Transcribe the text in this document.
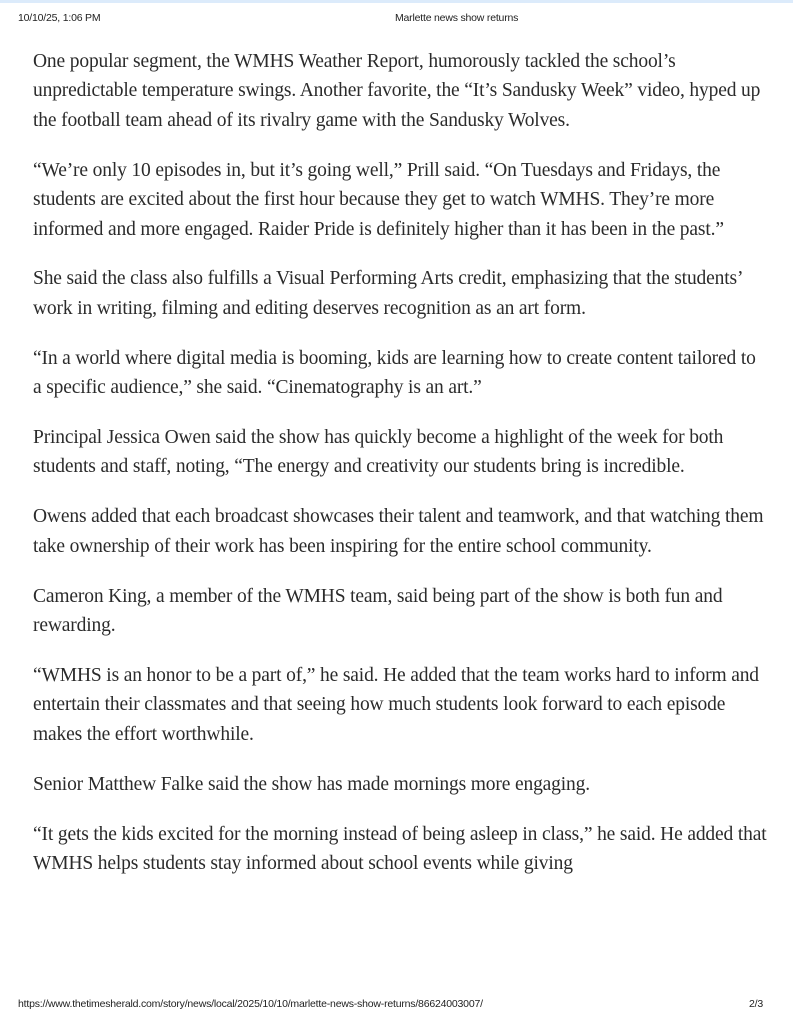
10/10/25, 1:06 PM	Marlette news show returns

One popular segment, the WMHS Weather Report, humorously tackled the school’s unpredictable temperature swings. Another favorite, the “It’s Sandusky Week” video, hyped up the football team ahead of its rivalry game with the Sandusky Wolves.

“We’re only 10 episodes in, but it’s going well,” Prill said. “On Tuesdays and Fridays, the students are excited about the first hour because they get to watch WMHS. They’re more informed and more engaged. Raider Pride is definitely higher than it has been in the past.”

She said the class also fulfills a Visual Performing Arts credit, emphasizing that the students’ work in writing, filming and editing deserves recognition as an art form.

“In a world where digital media is booming, kids are learning how to create content tailored to a specific audience,” she said. “Cinematography is an art.”

Principal Jessica Owen said the show has quickly become a highlight of the week for both students and staff, noting, “The energy and creativity our students bring is incredible.

Owens added that each broadcast showcases their talent and teamwork, and that watching them take ownership of their work has been inspiring for the entire school community.

Cameron King, a member of the WMHS team, said being part of the show is both fun and rewarding.

“WMHS is an honor to be a part of,” he said. He added that the team works hard to inform and entertain their classmates and that seeing how much students look forward to each episode makes the effort worthwhile.

Senior Matthew Falke said the show has made mornings more engaging.

“It gets the kids excited for the morning instead of being asleep in class,” he said. He added that WMHS helps students stay informed about school events while giving

https://www.thetimesherald.com/story/news/local/2025/10/10/marlette-news-show-returns/86624003007/	2/3
